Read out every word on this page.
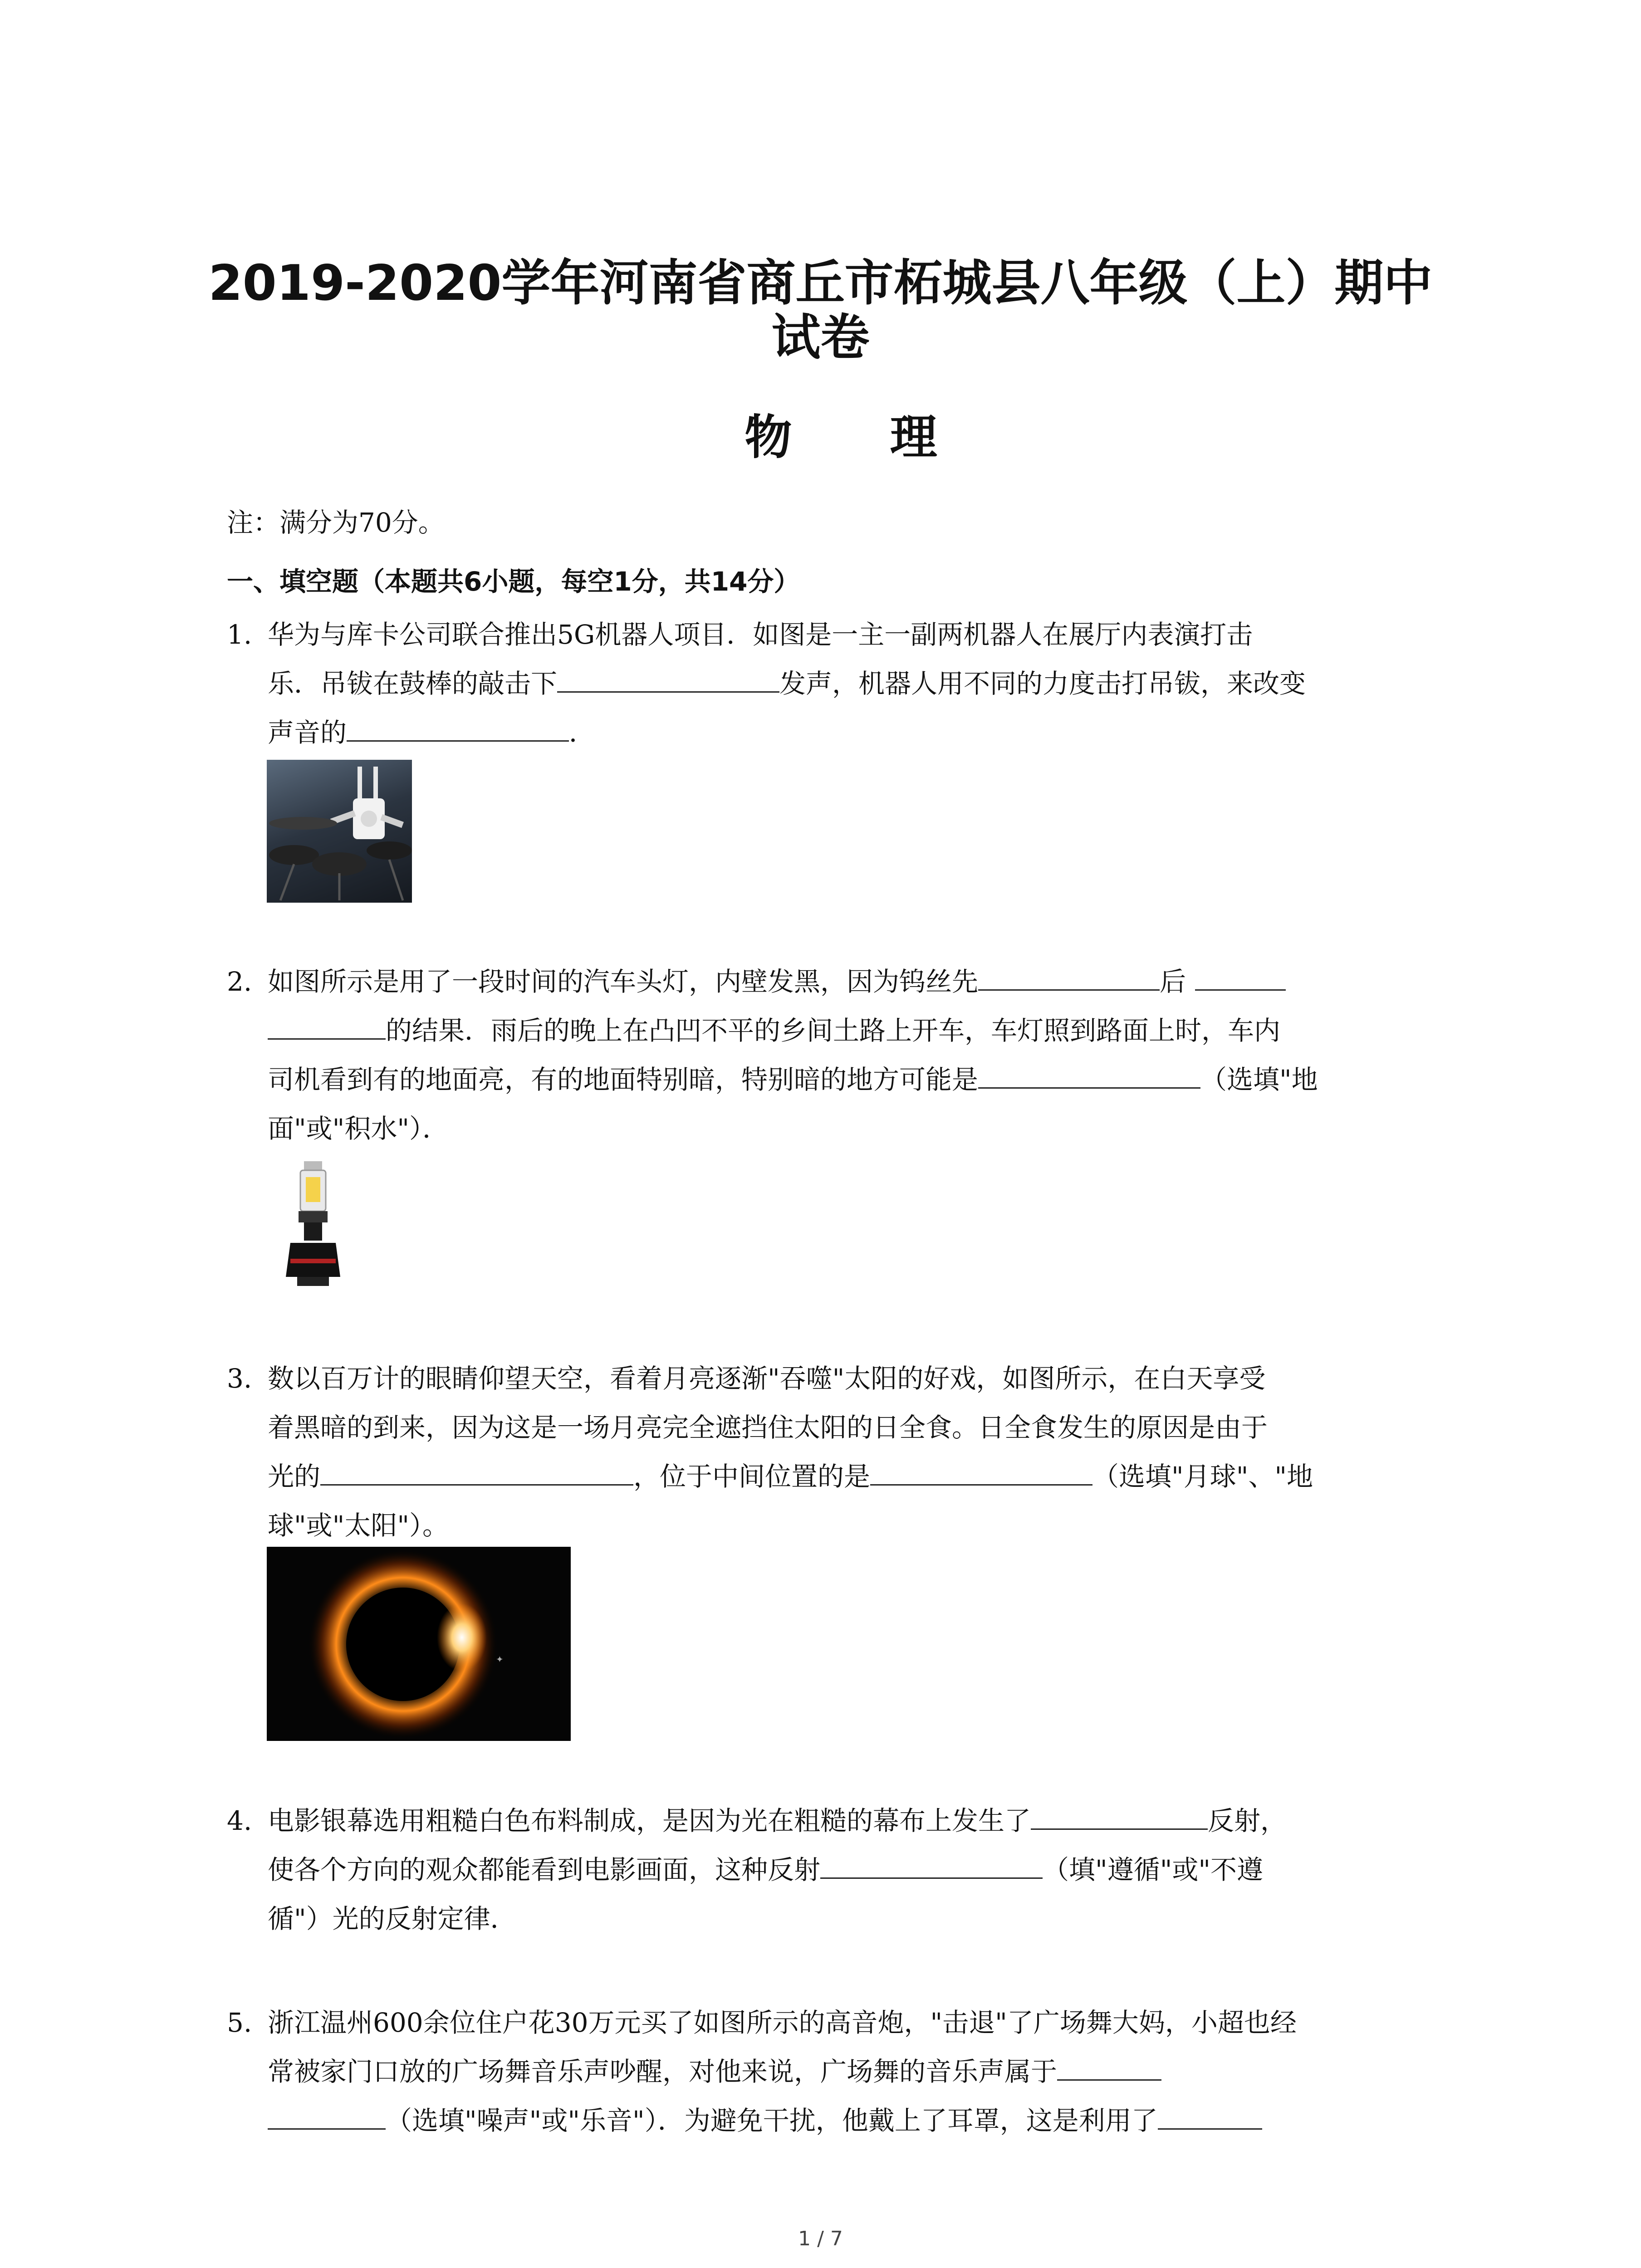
2019-2020学年河南省商丘市柘城县八年级（上）期中
试卷
物 理
注：满分为70分。
一、填空题（本题共6小题，每空1分，共14分）
1. 华为与库卡公司联合推出5G机器人项目．如图是一主一副两机器人在展厅内表演打击
乐．吊钹在鼓棒的敲击下	发声，机器人用不同的力度击打吊钹，来改变
声音的	．
2. 如图所示是用了一段时间的汽车头灯，内壁发黑，因为钨丝先	后
的结果．雨后的晚上在凸凹不平的乡间土路上开车，车灯照到路面上时，车内
司机看到有的地面亮，有的地面特别暗，特别暗的地方可能是	（选填"地
面"或"积水"）．
3. 数以百万计的眼睛仰望天空，看着月亮逐渐"吞噬"太阳的好戏，如图所示，在白天享受
着黑暗的到来，因为这是一场月亮完全遮挡住太阳的日全食。日全食发生的原因是由于
光的	，位于中间位置的是	（选填"月球"、"地
球"或"太阳"）。
✦
4. 电影银幕选用粗糙白色布料制成，是因为光在粗糙的幕布上发生了	反射，
使各个方向的观众都能看到电影画面，这种反射	（填"遵循"或"不遵
循"）光的反射定律．
5. 浙江温州600余位住户花30万元买了如图所示的高音炮，"击退"了广场舞大妈，小超也经
常被家门口放的广场舞音乐声吵醒，对他来说，广场舞的音乐声属于
（选填"噪声"或"乐音"）．为避免干扰，他戴上了耳罩，这是利用了
1 / 7
